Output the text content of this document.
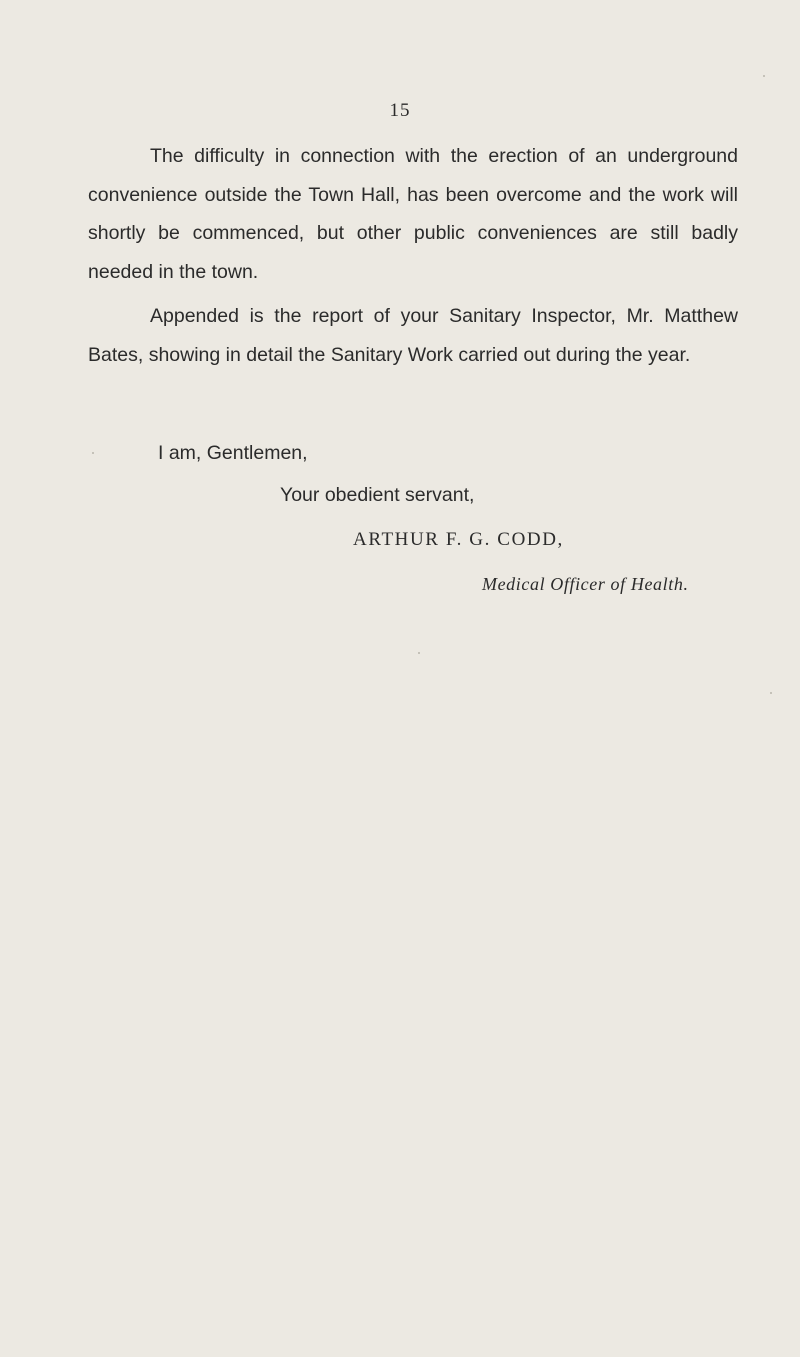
15
The difficulty in connection with the erection of an underground convenience outside the Town Hall, has been overcome and the work will shortly be commenced, but other public conveniences are still badly needed in the town.
Appended is the report of your Sanitary Inspector, Mr. Matthew Bates, showing in detail the Sanitary Work carried out during the year.
I am, Gentlemen,
Your obedient servant,
ARTHUR F. G. CODD,
Medical Officer of Health.
